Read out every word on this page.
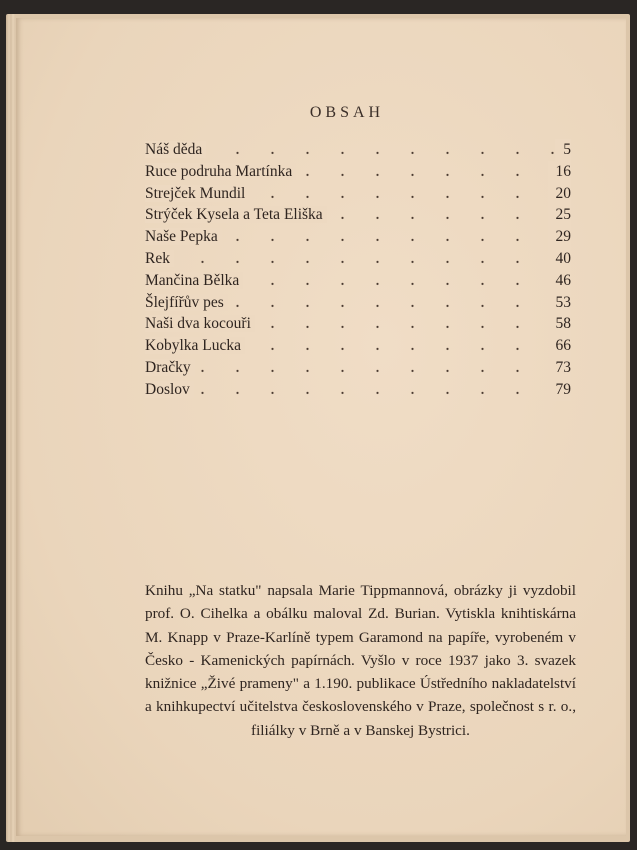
OBSAH
Náš děda	5
Ruce podruha Martínka	16
Strejček Mundil	20
Strýček Kysela a Teta Eliška	25
Naše Pepka	29
Rek	40
Mančina Bělka	46
Šlejfířův pes	53
Naši dva kocouři	58
Kobylka Lucka	66
Dračky	73
Doslov	79
Knihu „Na statku" napsala Marie Tippmannová, obrázky ji vyzdobil prof. O. Cihelka a obálku maloval Zd. Burian. Vytiskla knihtiskárna M. Knapp v Praze-Karlíně typem Garamond na papíře, vyrobeném v Česko - Kamenických papírnách. Vyšlo v roce 1937 jako 3. svazek knižnice „Živé prameny" a 1.190. publikace Ústředního nakladatelství a knihkupectví učitelstva československého v Praze, společnost s r. o., filiálky v Brně a v Banskej Bystrici.
